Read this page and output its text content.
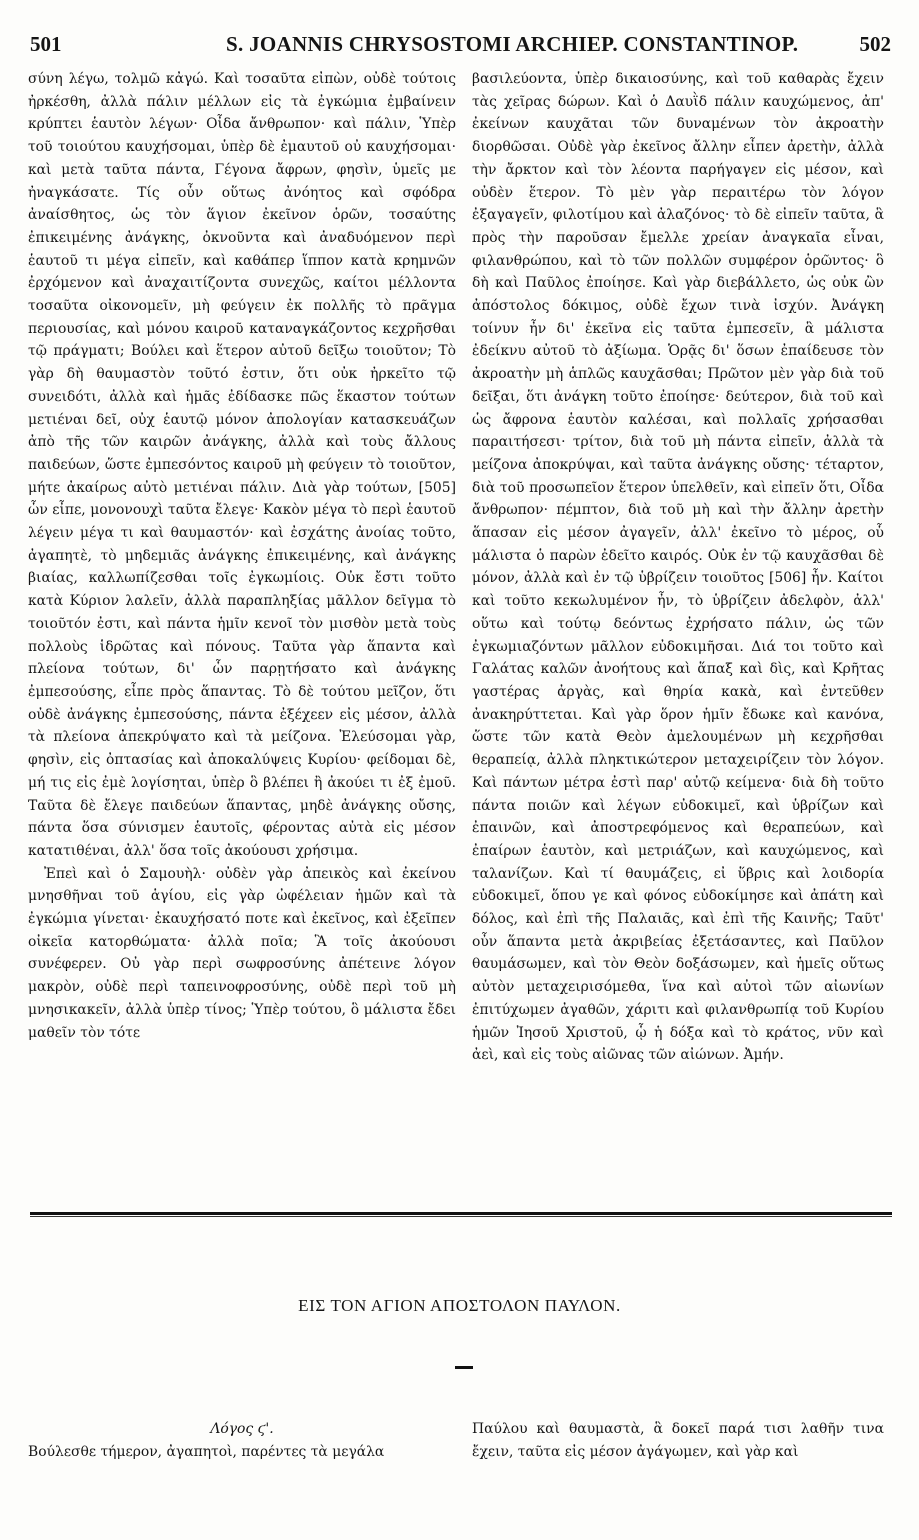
501	S. JOANNIS CHRYSOSTOMI ARCHIEP. CONSTANTINOP.	502

σύνη λέγω, τολμῶ κἀγώ. Καὶ τοσαῦτα εἰπὼν, οὐδὲ τούτοις ἠρκέσθη, ἀλλὰ πάλιν μέλλων εἰς τὰ ἐγκώμια ἐμβαίνειν κρύπτει ἑαυτὸν λέγων· Οἶδα ἄνθρωπον· καὶ πάλιν, Ὑπὲρ τοῦ τοιούτου καυχήσομαι, ὑπὲρ δὲ ἐμαυτοῦ οὐ καυχήσομαι· καὶ μετὰ ταῦτα πάντα, Γέγονα ἄφρων, φησὶν, ὑμεῖς με ἠναγκάσατε. Τίς οὖν οὕτως ἀνόητος καὶ σφόδρα ἀναίσθητος, ὡς τὸν ἅγιον ἐκεῖνον ὁρῶν, τοσαύτης ἐπικειμένης ἀνάγκης, ὀκνοῦντα καὶ ἀναδυόμενον περὶ ἑαυτοῦ τι μέγα εἰπεῖν, καὶ καθάπερ ἵππον κατὰ κρημνῶν ἐρχόμενον καὶ ἀναχαιτίζοντα συνεχῶς, καίτοι μέλλοντα τοσαῦτα οἰκονομεῖν, μὴ φεύγειν ἐκ πολλῆς τὸ πρᾶγμα περιουσίας, καὶ μόνου καιροῦ καταναγκάζοντος κεχρῆσθαι τῷ πράγματι; Βούλει καὶ ἕτερον αὐτοῦ δεῖξω τοιοῦτον; Τὸ γὰρ δὴ θαυμαστὸν τοῦτό ἐστιν, ὅτι οὐκ ἠρκεῖτο τῷ συνειδότι, ἀλλὰ καὶ ἡμᾶς ἐδίδασκε πῶς ἕκαστον τούτων μετιέναι δεῖ, οὐχ ἑαυτῷ μόνον ἀπολογίαν κατασκευάζων ἀπὸ τῆς τῶν καιρῶν ἀνάγκης, ἀλλὰ καὶ τοὺς ἄλλους παιδεύων, ὥστε ἐμπεσόντος καιροῦ μὴ φεύγειν τὸ τοιοῦτον, μήτε ἀκαίρως αὐτὸ μετιέναι πάλιν. Διὰ γὰρ τούτων, [505] ὧν εἶπε, μονονουχὶ ταῦτα ἔλεγε· Κακὸν μέγα τὸ περὶ ἑαυτοῦ λέγειν μέγα τι καὶ θαυμαστόν· καὶ ἐσχάτης ἀνοίας τοῦτο, ἀγαπητὲ, τὸ μηδεμιᾶς ἀνάγκης ἐπικειμένης, καὶ ἀνάγκης βιαίας, καλλωπίζεσθαι τοῖς ἐγκωμίοις. Οὐκ ἔστι τοῦτο κατὰ Κύριον λαλεῖν, ἀλλὰ παραπληξίας μᾶλλον δεῖγμα τὸ τοιοῦτόν ἐστι, καὶ πάντα ἡμῖν κενοῖ τὸν μισθὸν μετὰ τοὺς πολλοὺς ἱδρῶτας καὶ πόνους. Ταῦτα γὰρ ἅπαντα καὶ πλείονα τούτων, δι' ὧν παρῃτήσατο καὶ ἀνάγκης ἐμπεσούσης, εἶπε πρὸς ἅπαντας. Τὸ δὲ τούτου μεῖζον, ὅτι οὐδὲ ἀνάγκης ἐμπεσούσης, πάντα ἐξέχεεν εἰς μέσον, ἀλλὰ τὰ πλείονα ἀπεκρύψατο καὶ τὰ μείζονα. Ἐλεύσομαι γὰρ, φησὶν, εἰς ὀπτασίας καὶ ἀποκαλύψεις Κυρίου· φείδομαι δὲ, μή τις εἰς ἐμὲ λογίσηται, ὑπὲρ ὃ βλέπει ἢ ἀκούει τι ἐξ ἐμοῦ. Ταῦτα δὲ ἔλεγε παιδεύων ἅπαντας, μηδὲ ἀνάγκης οὔσης, πάντα ὅσα σύνισμεν ἑαυτοῖς, φέροντας αὐτὰ εἰς μέσον κατατιθέναι, ἀλλ' ὅσα τοῖς ἀκούουσι χρήσιμα.

Ἐπεὶ καὶ ὁ Σαμουὴλ· οὐδὲν γὰρ ἀπεικὸς καὶ ἐκείνου μνησθῆναι τοῦ ἁγίου, εἰς γὰρ ὠφέλειαν ἡμῶν καὶ τὰ ἐγκώμια γίνεται· ἐκαυχήσατό ποτε καὶ ἐκεῖνος, καὶ ἐξεῖπεν οἰκεῖα κατορθώματα· ἀλλὰ ποῖα; Ἃ τοῖς ἀκούουσι συνέφερεν. Οὐ γὰρ περὶ σωφροσύνης ἀπέτεινε λόγον μακρὸν, οὐδὲ περὶ ταπεινοφροσύνης, οὐδὲ περὶ τοῦ μὴ μνησικακεῖν, ἀλλὰ ὑπὲρ τίνος; Ὑπὲρ τούτου, ὃ μάλιστα ἔδει μαθεῖν τὸν τότε

βασιλεύοντα, ὑπὲρ δικαιοσύνης, καὶ τοῦ καθαρὰς ἔχειν τὰς χεῖρας δώρων. Καὶ ὁ Δαυῒδ πάλιν καυχώμενος, ἀπ' ἐκείνων καυχᾶται τῶν δυναμένων τὸν ἀκροατὴν διορθῶσαι. Οὐδὲ γὰρ ἐκεῖνος ἄλλην εἶπεν ἀρετὴν, ἀλλὰ τὴν ἄρκτον καὶ τὸν λέοντα παρήγαγεν εἰς μέσον, καὶ οὐδὲν ἕτερον. Τὸ μὲν γὰρ περαιτέρω τὸν λόγον ἐξαγαγεῖν, φιλοτίμου καὶ ἀλαζόνος· τὸ δὲ εἰπεῖν ταῦτα, ἃ πρὸς τὴν παροῦσαν ἔμελλε χρείαν ἀναγκαῖα εἶναι, φιλανθρώπου, καὶ τὸ τῶν πολλῶν συμφέρον ὁρῶντος· ὃ δὴ καὶ Παῦλος ἐποίησε. Καὶ γὰρ διεβάλλετο, ὡς οὐκ ὢν ἀπόστολος δόκιμος, οὐδὲ ἔχων τινὰ ἰσχύν. Ἀνάγκη τοίνυν ἦν δι' ἐκεῖνα εἰς ταῦτα ἐμπεσεῖν, ἃ μάλιστα ἐδείκνυ αὐτοῦ τὸ ἀξίωμα. Ὁρᾷς δι' ὅσων ἐπαίδευσε τὸν ἀκροατὴν μὴ ἁπλῶς καυχᾶσθαι; Πρῶτον μὲν γὰρ διὰ τοῦ δεῖξαι, ὅτι ἀνάγκη τοῦτο ἐποίησε· δεύτερον, διὰ τοῦ καὶ ὡς ἄφρονα ἑαυτὸν καλέσαι, καὶ πολλαῖς χρήσασθαι παραιτήσεσι· τρίτον, διὰ τοῦ μὴ πάντα εἰπεῖν, ἀλλὰ τὰ μείζονα ἀποκρύψαι, καὶ ταῦτα ἀνάγκης οὔσης· τέταρτον, διὰ τοῦ προσωπεῖον ἕτερον ὑπελθεῖν, καὶ εἰπεῖν ὅτι, Οἶδα ἄνθρωπον· πέμπτον, διὰ τοῦ μὴ καὶ τὴν ἄλλην ἀρετὴν ἅπασαν εἰς μέσον ἀγαγεῖν, ἀλλ' ἐκεῖνο τὸ μέρος, οὗ μάλιστα ὁ παρὼν ἐδεῖτο καιρός. Οὐκ ἐν τῷ καυχᾶσθαι δὲ μόνον, ἀλλὰ καὶ ἐν τῷ ὑβρίζειν τοιοῦτος [506] ἦν. Καίτοι καὶ τοῦτο κεκωλυμένον ἦν, τὸ ὑβρίζειν ἀδελφὸν, ἀλλ' οὕτω καὶ τούτῳ δεόντως ἐχρήσατο πάλιν, ὡς τῶν ἐγκωμιαζόντων μᾶλλον εὐδοκιμῆσαι. Διά τοι τοῦτο καὶ Γαλάτας καλῶν ἀνοήτους καὶ ἅπαξ καὶ δὶς, καὶ Κρῆτας γαστέρας ἀργὰς, καὶ θηρία κακὰ, καὶ ἐντεῦθεν ἀνακηρύττεται. Καὶ γὰρ ὅρον ἡμῖν ἔδωκε καὶ κανόνα, ὥστε τῶν κατὰ Θεὸν ἀμελουμένων μὴ κεχρῆσθαι θεραπείᾳ, ἀλλὰ πληκτικώτερον μεταχειρίζειν τὸν λόγον. Καὶ πάντων μέτρα ἐστὶ παρ' αὐτῷ κείμενα· διὰ δὴ τοῦτο πάντα ποιῶν καὶ λέγων εὐδοκιμεῖ, καὶ ὑβρίζων καὶ ἐπαινῶν, καὶ ἀποστρεφόμενος καὶ θεραπεύων, καὶ ἐπαίρων ἑαυτὸν, καὶ μετριάζων, καὶ καυχώμενος, καὶ ταλανίζων. Καὶ τί θαυμάζεις, εἰ ὕβρις καὶ λοιδορία εὐδοκιμεῖ, ὅπου γε καὶ φόνος εὐδοκίμησε καὶ ἀπάτη καὶ δόλος, καὶ ἐπὶ τῆς Παλαιᾶς, καὶ ἐπὶ τῆς Καινῆς; Ταῦτ' οὖν ἅπαντα μετὰ ἀκριβείας ἐξετάσαντες, καὶ Παῦλον θαυμάσωμεν, καὶ τὸν Θεὸν δοξάσωμεν, καὶ ἡμεῖς οὕτως αὐτὸν μεταχειρισόμεθα, ἵνα καὶ αὐτοὶ τῶν αἰωνίων ἐπιτύχωμεν ἀγαθῶν, χάριτι καὶ φιλανθρωπίᾳ τοῦ Κυρίου ἡμῶν Ἰησοῦ Χριστοῦ, ᾧ ἡ δόξα καὶ τὸ κράτος, νῦν καὶ ἀεὶ, καὶ εἰς τοὺς αἰῶνας τῶν αἰώνων. Ἀμήν.

ΕΙΣ ΤΟΝ ΑΓΙΟΝ ΑΠΟΣΤΟΛΟΝ ΠΑΥΛΟΝ.

Λόγος ϛ'.

Βούλεσθε τήμερον, ἀγαπητοὶ, παρέντες τὰ μεγάλα

Παύλου καὶ θαυμαστὰ, ἃ δοκεῖ παρά τισι λαθῆν τινα ἔχειν, ταῦτα εἰς μέσον ἀγάγωμεν, καὶ γὰρ καὶ
